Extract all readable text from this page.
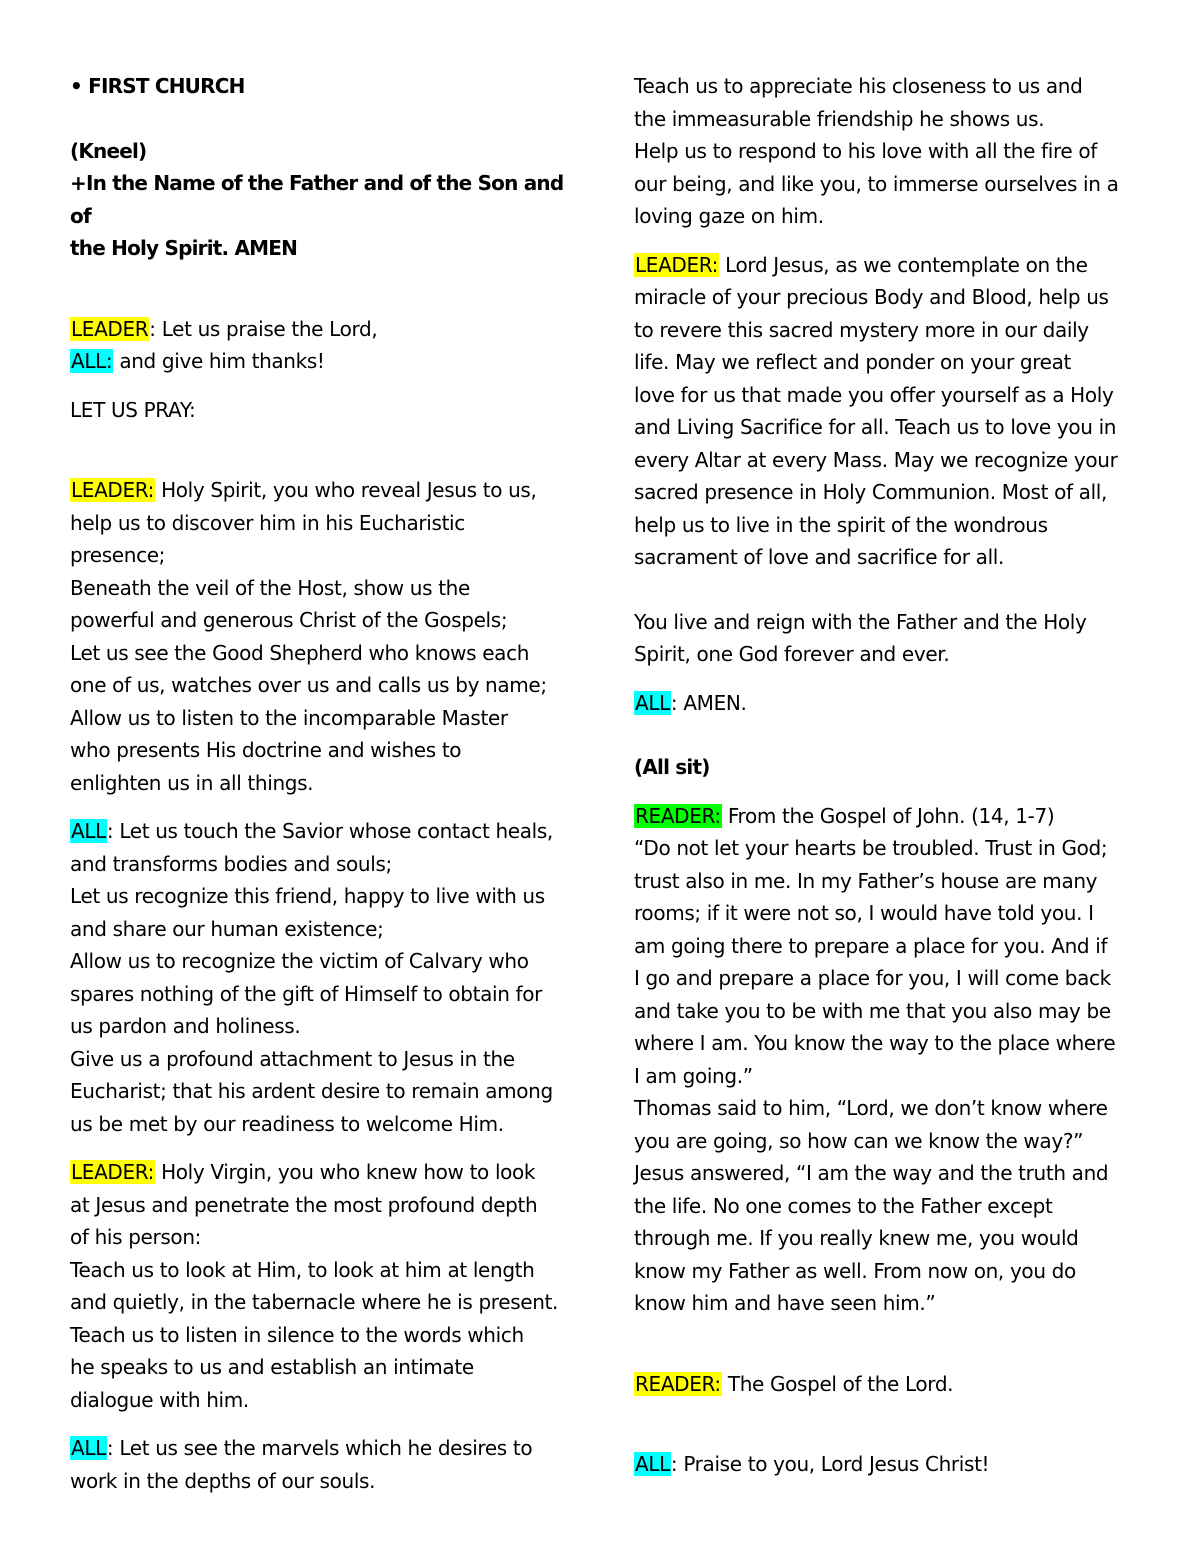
• FIRST CHURCH

(Kneel)

+In the Name of the Father and of the Son and of

the Holy Spirit. AMEN

LEADER: Let us praise the Lord,

ALL: and give him thanks!

LET US PRAY:

LEADER: Holy Spirit, you who reveal Jesus to us,

help us to discover him in his Eucharistic

presence;

Beneath the veil of the Host, show us the

powerful and generous Christ of the Gospels;

Let us see the Good Shepherd who knows each

one of us, watches over us and calls us by name;

Allow us to listen to the incomparable Master

who presents His doctrine and wishes to

enlighten us in all things.

ALL: Let us touch the Savior whose contact heals,

and transforms bodies and souls;

Let us recognize this friend, happy to live with us

and share our human existence;

Allow us to recognize the victim of Calvary who

spares nothing of the gift of Himself to obtain for

us pardon and holiness.

Give us a profound attachment to Jesus in the

Eucharist; that his ardent desire to remain among

us be met by our readiness to welcome Him.

LEADER: Holy Virgin, you who knew how to look

at Jesus and penetrate the most profound depth

of his person:

Teach us to look at Him, to look at him at length

and quietly, in the tabernacle where he is present.

Teach us to listen in silence to the words which

he speaks to us and establish an intimate

dialogue with him.

ALL: Let us see the marvels which he desires to

work in the depths of our souls.

Teach us to appreciate his closeness to us and

the immeasurable friendship he shows us.

Help us to respond to his love with all the fire of

our being, and like you, to immerse ourselves in a

loving gaze on him.

LEADER: Lord Jesus, as we contemplate on the

miracle of your precious Body and Blood, help us

to revere this sacred mystery more in our daily

life. May we reflect and ponder on your great

love for us that made you offer yourself as a Holy

and Living Sacrifice for all. Teach us to love you in

every Altar at every Mass. May we recognize your

sacred presence in Holy Communion. Most of all,

help us to live in the spirit of the wondrous

sacrament of love and sacrifice for all.

You live and reign with the Father and the Holy

Spirit, one God forever and ever.

ALL: AMEN.

(All sit)

READER: From the Gospel of John. (14, 1-7)

“Do not let your hearts be troubled. Trust in God;

trust also in me. In my Father’s house are many

rooms; if it were not so, I would have told you. I

am going there to prepare a place for you. And if

I go and prepare a place for you, I will come back

and take you to be with me that you also may be

where I am. You know the way to the place where

I am going.”

Thomas said to him, “Lord, we don’t know where

you are going, so how can we know the way?”

Jesus answered, “I am the way and the truth and

the life. No one comes to the Father except

through me. If you really knew me, you would

know my Father as well. From now on, you do

know him and have seen him.”

READER: The Gospel of the Lord.

ALL: Praise to you, Lord Jesus Christ!
